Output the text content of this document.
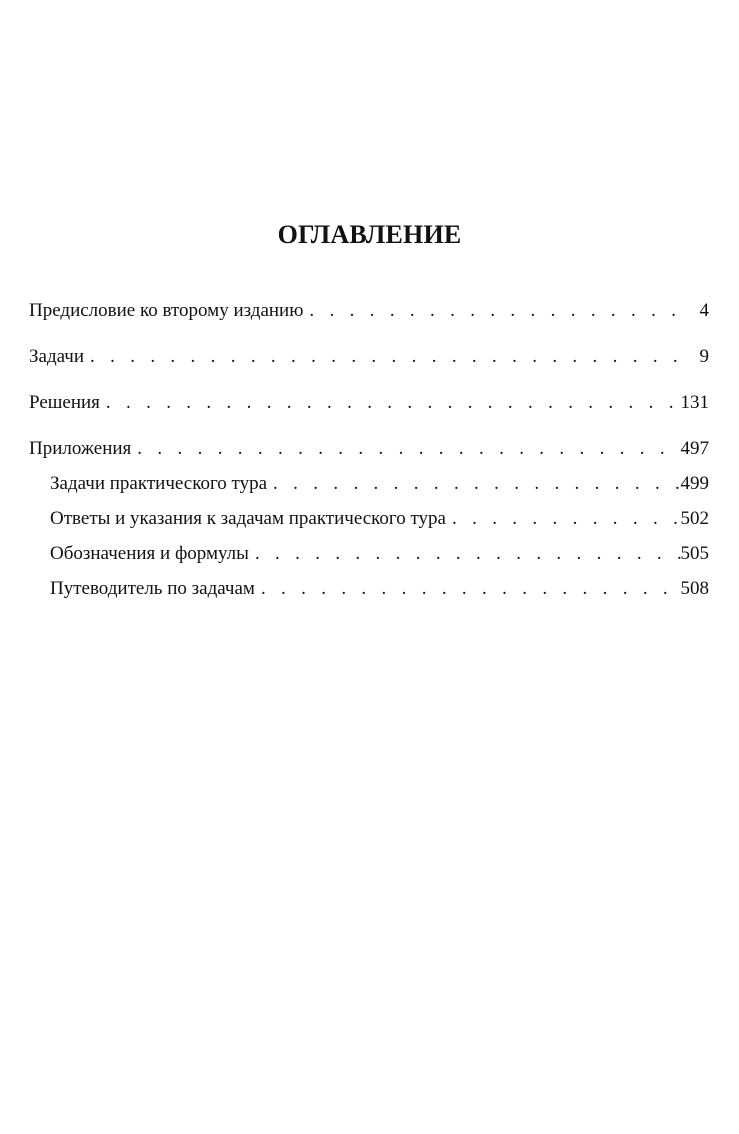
ОГЛАВЛЕНИЕ
Предисловие ко второму изданию . . .	4
Задачи . . .	9
Решения . . .	131
Приложения . . .	497
Задачи практического тура . . .	499
Ответы и указания к задачам практического тура . . .	502
Обозначения и формулы . . .	505
Путеводитель по задачам . . .	508
